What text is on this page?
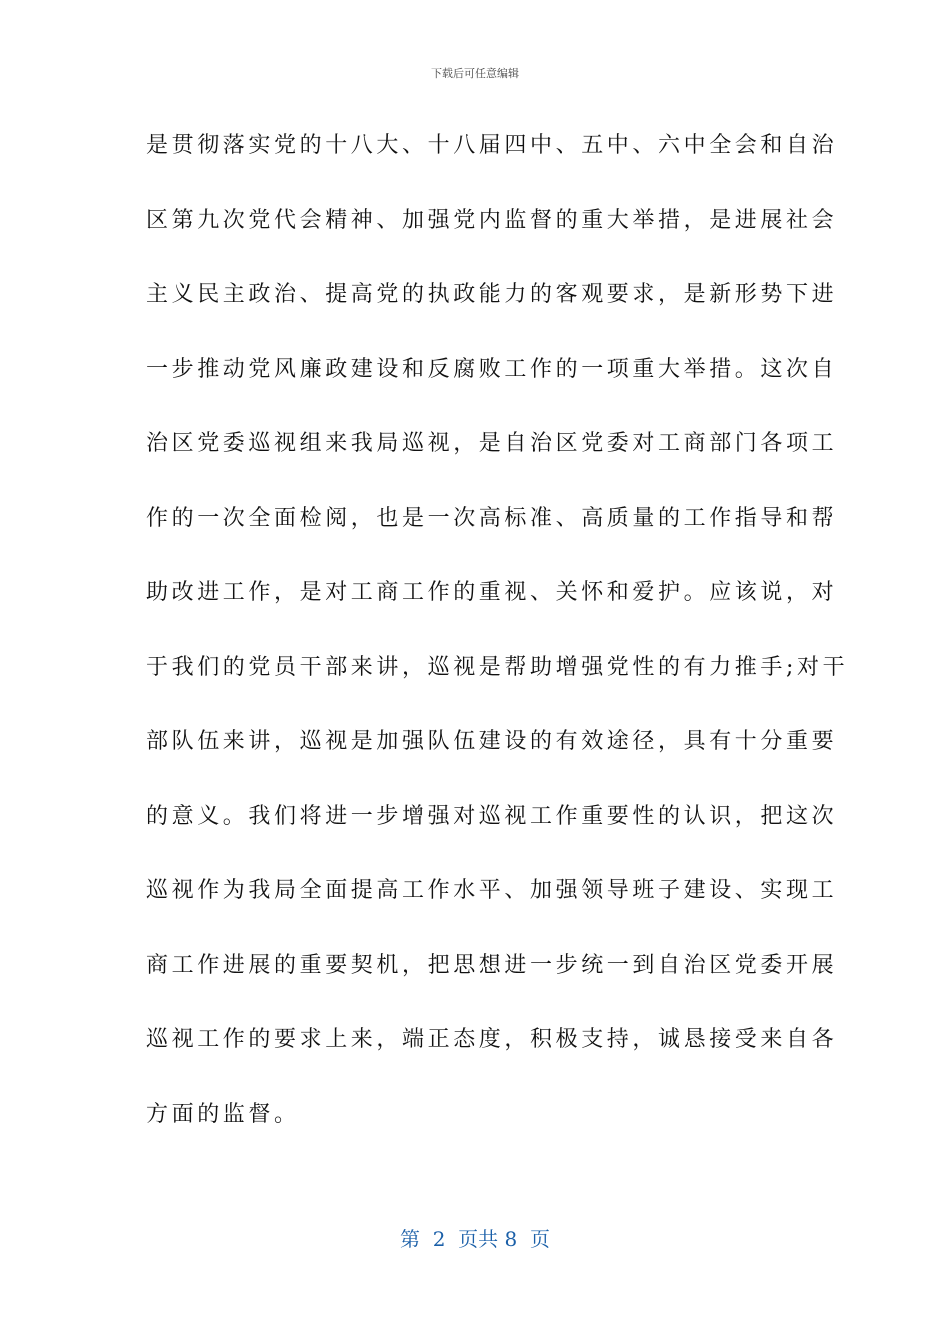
下载后可任意编辑
是贯彻落实党的十八大、十八届四中、五中、六中全会和自治
区第九次党代会精神、加强党内监督的重大举措，是进展社会
主义民主政治、提高党的执政能力的客观要求，是新形势下进
一步推动党风廉政建设和反腐败工作的一项重大举措。这次自
治区党委巡视组来我局巡视，是自治区党委对工商部门各项工
作的一次全面检阅，也是一次高标准、高质量的工作指导和帮
助改进工作，是对工商工作的重视、关怀和爱护。应该说，对
于我们的党员干部来讲，巡视是帮助增强党性的有力推手;对干
部队伍来讲，巡视是加强队伍建设的有效途径，具有十分重要
的意义。我们将进一步增强对巡视工作重要性的认识，把这次
巡视作为我局全面提高工作水平、加强领导班子建设、实现工
商工作进展的重要契机，把思想进一步统一到自治区党委开展
巡视工作的要求上来，端正态度，积极支持，诚恳接受来自各
方面的监督。
第  2  页共 8  页
